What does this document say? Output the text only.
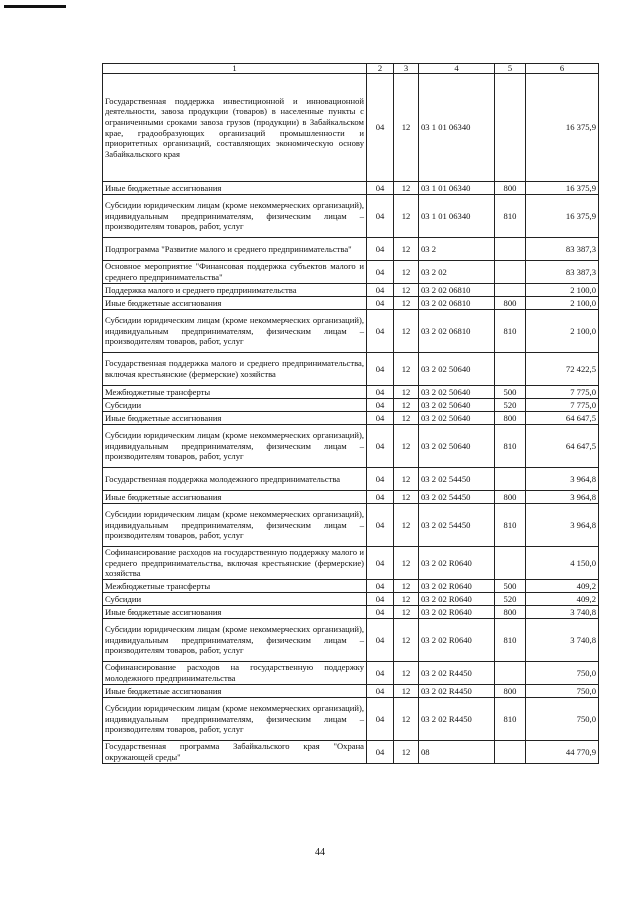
1	2	3	4	5	6
Государственная поддержка инвестиционной и инновационной деятельности, завоза продукции (товаров) в населенные пункты с ограниченными сроками завоза грузов (продукции) в Забайкальском крае, градообразующих организаций промышленности и приоритетных организаций, составляющих экономическую основу Забайкальского края	04	12	03 1 01 06340		16 375,9
Иные бюджетные ассигнования	04	12	03 1 01 06340	800	16 375,9
Субсидии юридическим лицам (кроме некоммерческих организаций), индивидуальным предпринимателям, физическим лицам – производителям товаров, работ, услуг	04	12	03 1 01 06340	810	16 375,9
Подпрограмма "Развитие малого и среднего предпринимательства"	04	12	03 2		83 387,3
Основное мероприятие "Финансовая поддержка субъектов малого и среднего предпринимательства"	04	12	03 2 02		83 387,3
Поддержка малого и среднего предпринимательства	04	12	03 2 02 06810		2 100,0
Иные бюджетные ассигнования	04	12	03 2 02 06810	800	2 100,0
Субсидии юридическим лицам (кроме некоммерческих организаций), индивидуальным предпринимателям, физическим лицам – производителям товаров, работ, услуг	04	12	03 2 02 06810	810	2 100,0
Государственная поддержка малого и среднего предпринимательства, включая крестьянские (фермерские) хозяйства	04	12	03 2 02 50640		72 422,5
Межбюджетные трансферты	04	12	03 2 02 50640	500	7 775,0
Субсидии	04	12	03 2 02 50640	520	7 775,0
Иные бюджетные ассигнования	04	12	03 2 02 50640	800	64 647,5
Субсидии юридическим лицам (кроме некоммерческих организаций), индивидуальным предпринимателям, физическим лицам – производителям товаров, работ, услуг	04	12	03 2 02 50640	810	64 647,5
Государственная поддержка молодежного предпринимательства	04	12	03 2 02 54450		3 964,8
Иные бюджетные ассигнования	04	12	03 2 02 54450	800	3 964,8
Субсидии юридическим лицам (кроме некоммерческих организаций), индивидуальным предпринимателям, физическим лицам – производителям товаров, работ, услуг	04	12	03 2 02 54450	810	3 964,8
Софинансирование расходов на государственную поддержку малого и среднего предпринимательства, включая крестьянские (фермерские) хозяйства	04	12	03 2 02 R0640		4 150,0
Межбюджетные трансферты	04	12	03 2 02 R0640	500	409,2
Субсидии	04	12	03 2 02 R0640	520	409,2
Иные бюджетные ассигнования	04	12	03 2 02 R0640	800	3 740,8
Субсидии юридическим лицам (кроме некоммерческих организаций), индивидуальным предпринимателям, физическим лицам – производителям товаров, работ, услуг	04	12	03 2 02 R0640	810	3 740,8
Софинансирование расходов на государственную поддержку молодежного предпринимательства	04	12	03 2 02 R4450		750,0
Иные бюджетные ассигнования	04	12	03 2 02 R4450	800	750,0
Субсидии юридическим лицам (кроме некоммерческих организаций), индивидуальным предпринимателям, физическим лицам – производителям товаров, работ, услуг	04	12	03 2 02 R4450	810	750,0
Государственная программа Забайкальского края "Охрана окружающей среды"	04	12	08		44 770,9
44
